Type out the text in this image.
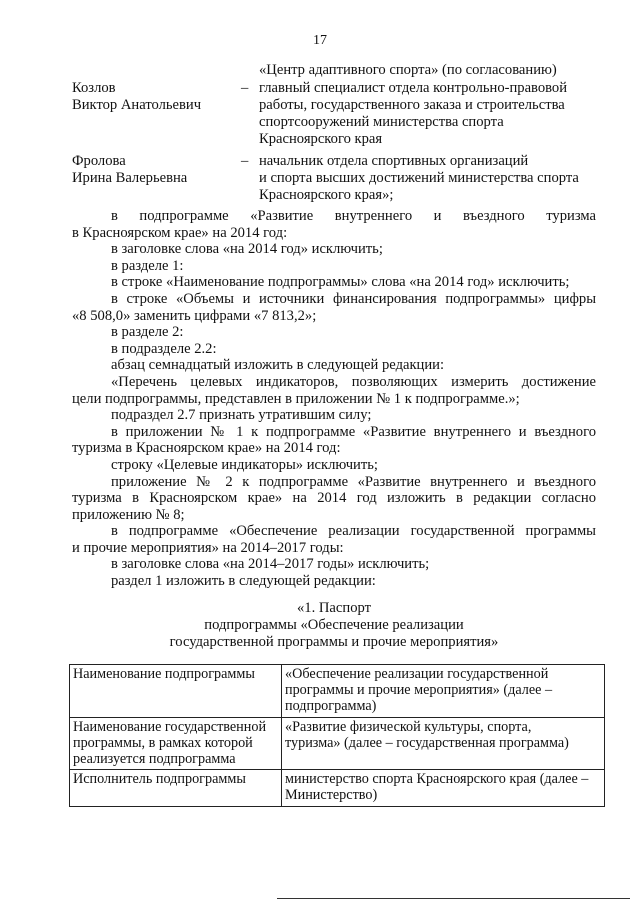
17
«Центр адаптивного спорта» (по согласованию)
Козлов
Виктор Анатольевич
– главный специалист отдела контрольно-правовой
работы, государственного заказа и строительства
спортсооружений министерства спорта
Красноярского края
Фролова
Ирина Валерьевна
– начальник отдела спортивных организаций
и спорта высших достижений министерства спорта
Красноярского края»;
в подпрограмме «Развитие внутреннего и въездного туризма
в Красноярском крае» на 2014 год:
в заголовке слова «на 2014 год» исключить;
в разделе 1:
в строке «Наименование подпрограммы» слова «на 2014 год» исключить;
в строке «Объемы и источники финансирования подпрограммы» цифры
«8 508,0» заменить цифрами «7 813,2»;
в разделе 2:
в подразделе 2.2:
абзац семнадцатый изложить в следующей редакции:
«Перечень целевых индикаторов, позволяющих измерить достижение
цели подпрограммы, представлен в приложении № 1 к подпрограмме.»;
подраздел 2.7 признать утратившим силу;
в приложении № 1 к подпрограмме «Развитие внутреннего и въездного
туризма в Красноярском крае» на 2014 год:
строку «Целевые индикаторы» исключить;
приложение № 2 к подпрограмме «Развитие внутреннего и въездного
туризма в Красноярском крае» на 2014 год изложить в редакции согласно
приложению № 8;
в подпрограмме «Обеспечение реализации государственной программы
и прочие мероприятия» на 2014–2017 годы:
в заголовке слова «на 2014–2017 годы» исключить;
раздел 1 изложить в следующей редакции:
«1. Паспорт
подпрограммы «Обеспечение реализации
государственной программы и прочие мероприятия»
Наименование подпрограммы	«Обеспечение реализации государственной
программы и прочие мероприятия» (далее –
подпрограмма)

Наименование государственной
программы, в рамках которой
реализуется подпрограмма	«Развитие физической культуры, спорта,
туризма» (далее – государственная программа)

Исполнитель подпрограммы	министерство спорта Красноярского края (далее –
Министерство)
